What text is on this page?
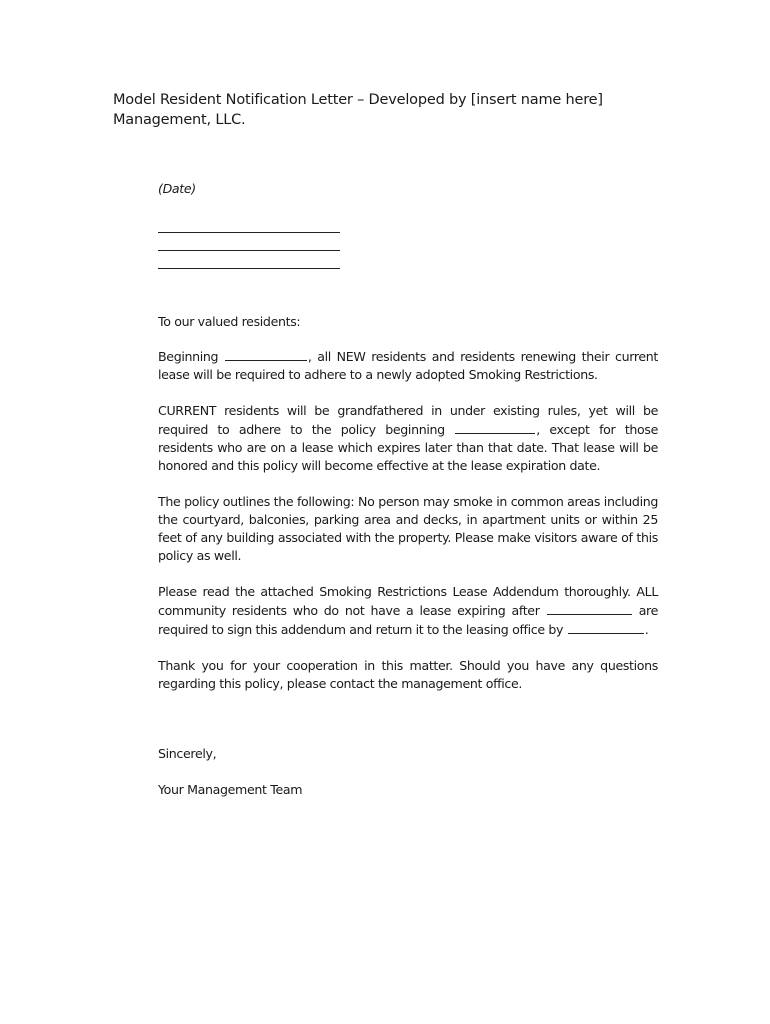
Model Resident Notification Letter – Developed by [insert name here] Management, LLC.

(Date)

To our valued residents:

Beginning	, all NEW residents and residents renewing their current lease will be required to adhere to a newly adopted Smoking Restrictions.

CURRENT residents will be grandfathered in under existing rules, yet will be required to adhere to the policy beginning	, except for those residents who are on a lease which expires later than that date. That lease will be honored and this policy will become effective at the lease expiration date.

The policy outlines the following: No person may smoke in common areas including the courtyard, balconies, parking area and decks, in apartment units or within 25 feet of any building associated with the property. Please make visitors aware of this policy as well.

Please read the attached Smoking Restrictions Lease Addendum thoroughly. ALL community residents who do not have a lease expiring after	are required to sign this addendum and return it to the leasing office by	.

Thank you for your cooperation in this matter. Should you have any questions regarding this policy, please contact the management office.

Sincerely,

Your Management Team
